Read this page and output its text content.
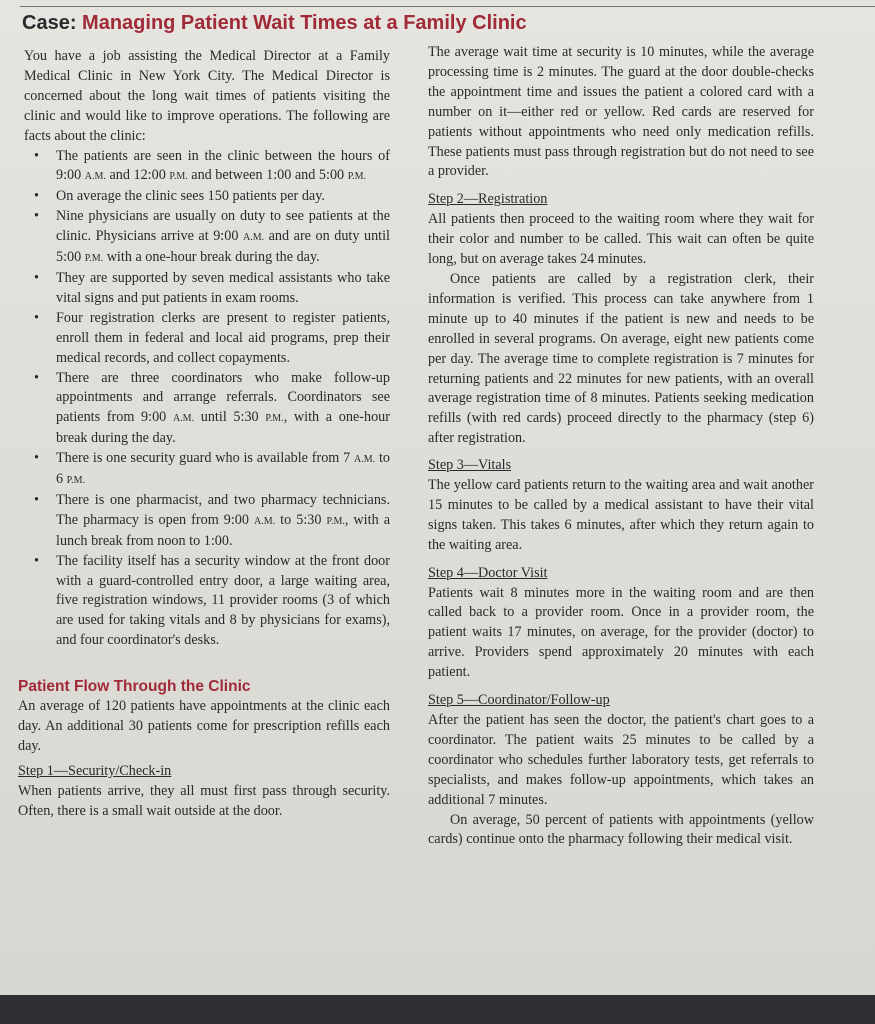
Case: Managing Patient Wait Times at a Family Clinic

You have a job assisting the Medical Director at a Family Medical Clinic in New York City. The Medical Director is concerned about the long wait times of patients visiting the clinic and would like to improve operations. The following are facts about the clinic:

• The patients are seen in the clinic between the hours of 9:00 A.M. and 12:00 P.M. and between 1:00 and 5:00 P.M.
• On average the clinic sees 150 patients per day.
• Nine physicians are usually on duty to see patients at the clinic. Physicians arrive at 9:00 A.M. and are on duty until 5:00 P.M. with a one-hour break during the day.
• They are supported by seven medical assistants who take vital signs and put patients in exam rooms.
• Four registration clerks are present to register patients, enroll them in federal and local aid programs, prep their medical records, and collect copayments.
• There are three coordinators who make follow-up appointments and arrange referrals. Coordinators see patients from 9:00 A.M. until 5:30 P.M., with a one-hour break during the day.
• There is one security guard who is available from 7 A.M. to 6 P.M.
• There is one pharmacist, and two pharmacy technicians. The pharmacy is open from 9:00 A.M. to 5:30 P.M., with a lunch break from noon to 1:00.
• The facility itself has a security window at the front door with a guard-controlled entry door, a large waiting area, five registration windows, 11 provider rooms (3 of which are used for taking vitals and 8 by physicians for exams), and four coordinator's desks.
Patient Flow Through the Clinic

An average of 120 patients have appointments at the clinic each day. An additional 30 patients come for prescription refills each day.

Step 1—Security/Check-in

When patients arrive, they all must first pass through security. Often, there is a small wait outside at the door.

The average wait time at security is 10 minutes, while the average processing time is 2 minutes. The guard at the door double-checks the appointment time and issues the patient a colored card with a number on it—either red or yellow. Red cards are reserved for patients without appointments who need only medication refills. These patients must pass through registration but do not need to see a provider.

Step 2—Registration

All patients then proceed to the waiting room where they wait for their color and number to be called. This wait can often be quite long, but on average takes 24 minutes.

Once patients are called by a registration clerk, their information is verified. This process can take anywhere from 1 minute up to 40 minutes if the patient is new and needs to be enrolled in several programs. On average, eight new patients come per day. The average time to complete registration is 7 minutes for returning patients and 22 minutes for new patients, with an overall average registration time of 8 minutes. Patients seeking medication refills (with red cards) proceed directly to the pharmacy (step 6) after registration.

Step 3—Vitals

The yellow card patients return to the waiting area and wait another 15 minutes to be called by a medical assistant to have their vital signs taken. This takes 6 minutes, after which they return again to the waiting area.

Step 4—Doctor Visit

Patients wait 8 minutes more in the waiting room and are then called back to a provider room. Once in a provider room, the patient waits 17 minutes, on average, for the provider (doctor) to arrive. Providers spend approximately 20 minutes with each patient.

Step 5—Coordinator/Follow-up

After the patient has seen the doctor, the patient's chart goes to a coordinator. The patient waits 25 minutes to be called by a coordinator who schedules further laboratory tests, get referrals to specialists, and makes follow-up appointments, which takes an additional 7 minutes.

On average, 50 percent of patients with appointments (yellow cards) continue onto the pharmacy following their medical visit.
